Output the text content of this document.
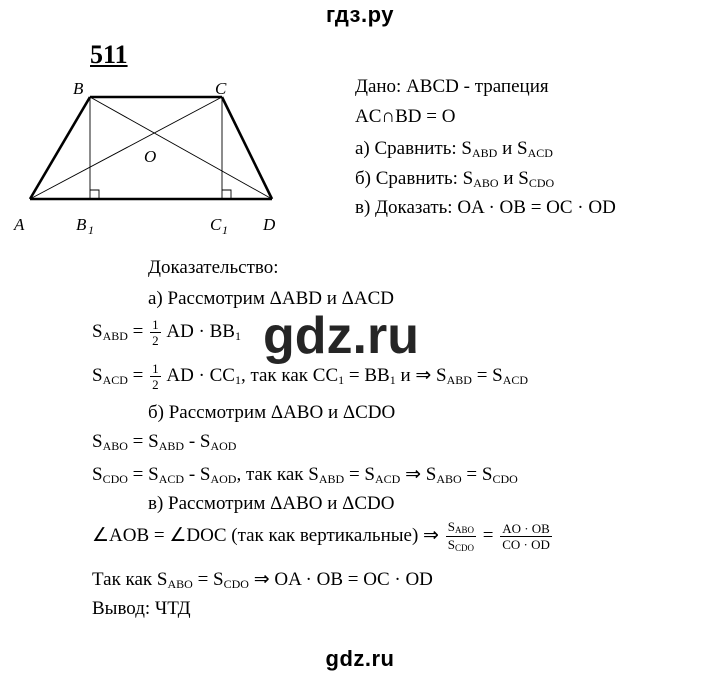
гдз.ру
511
B	C
O
A	B 1	C 1 D
Дано: ABCD - трапеция
AC∩BD = O
а) Сравнить: $S_{ABD}$ и $S_{ACD}$
б) Сравнить: $S_{ABO}$ и $S_{CDO}$
в) Доказать: OA · OB = OC · OD
Доказательство:
а) Рассмотрим ΔABD и ΔACD
$S_{ABD} = \frac{1}{2}$ AD · $BB_1$
$S_{ACD} = \frac{1}{2}$ AD · $CC_1$, так как $CC_1 = BB_1$ и ⇒ $S_{ABD} = S_{ACD}$
б) Рассмотрим ΔABO и ΔCDO
$S_{ABO} = S_{ABD} - S_{AOD}$
$S_{CDO} = S_{ACD} - S_{AOD}$, так как $S_{ABD} = S_{ACD}$ ⇒ $S_{ABO} = S_{CDO}$
в) Рассмотрим ΔABO и ΔCDO
∠AOB = ∠DOC (так как вертикальные) ⇒ $\frac{S_{ABO}}{S_{CDO}} = \frac{AO \cdot OB}{CO \cdot OD}$
Так как $S_{ABO} = S_{CDO}$ ⇒ OA · OB = OC · OD
Вывод: ЧТД
gdz.ru
gdz.ru
